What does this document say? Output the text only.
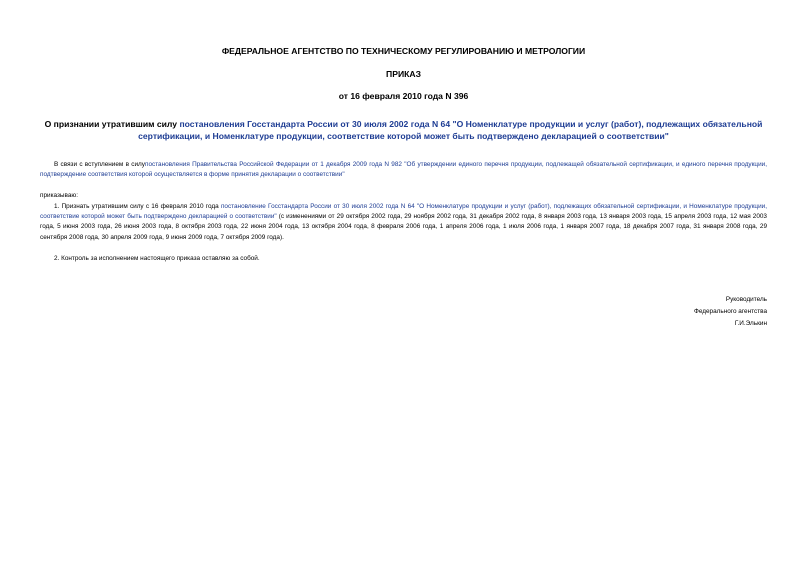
ФЕДЕРАЛЬНОЕ АГЕНТСТВО ПО ТЕХНИЧЕСКОМУ РЕГУЛИРОВАНИЮ И МЕТРОЛОГИИ
ПРИКАЗ
от 16 февраля 2010 года N 396
О признании утратившим силу постановления Госстандарта России от 30 июля 2002 года N 64 "О Номенклатуре продукции и услуг (работ), подлежащих обязательной сертификации, и Номенклатуре продукции, соответствие которой может быть подтверждено декларацией о соответствии"
В связи с вступлением в силупостановления Правительства Российской Федерации от 1 декабря 2009 года N 982 "Об утверждении единого перечня продукции, подлежащей обязательной сертификации, и единого перечня продукции, подтверждение соответствия которой осуществляется в форме принятия декларации о соответствии"
приказываю:
1. Признать утратившим силу с 16 февраля 2010 года постановление Госстандарта России от 30 июля 2002 года N 64 "О Номенклатуре продукции и услуг (работ), подлежащих обязательной сертификации, и Номенклатуре продукции, соответствие которой может быть подтверждено декларацией о соответствии" (с изменениями от 29 октября 2002 года, 29 ноября 2002 года, 31 декабря 2002 года, 8 января 2003 года, 13 января 2003 года, 15 апреля 2003 года, 12 мая 2003 года, 5 июня 2003 года, 26 июня 2003 года, 8 октября 2003 года, 22 июня 2004 года, 13 октября 2004 года, 8 февраля 2006 года, 1 апреля 2006 года, 1 июля 2006 года, 1 января 2007 года, 18 декабря 2007 года, 31 января 2008 года, 29 сентября 2008 года, 30 апреля 2009 года, 9 июня 2009 года, 7 октября 2009 года).
2. Контроль за исполнением настоящего приказа оставляю за собой.
Руководитель
Федерального агентства
Г.И.Элькин
